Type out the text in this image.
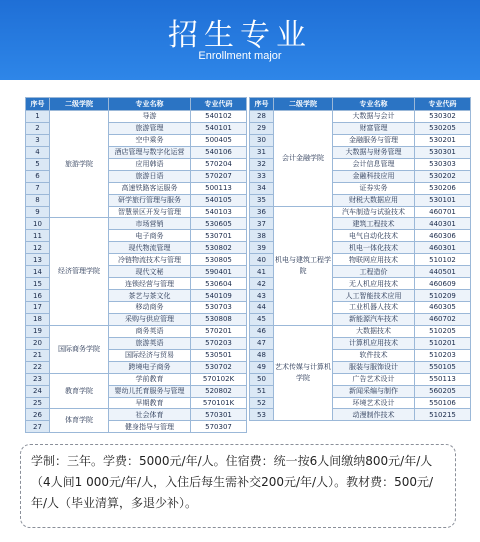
招生专业
Enrollment major
序号	二级学院	专业名称	专业代码
1	旅游学院	导游	540102
2		旅游管理	540101
3		空中乘务	500405
4		酒店管理与数字化运营	540106
5		应用韩语	570204
6		旅游日语	570207
7		高速铁路客运服务	500113
8		研学旅行管理与服务	540105
9		智慧景区开发与管理	540103
10	经济管理学院	市场营销	530605
11		电子商务	530701
12		现代物流管理	530802
13		冷链物流技术与管理	530805
14		现代文秘	590401
15		连锁经营与管理	530604
16		茶艺与茶文化	540109
17		移动商务	530703
18		采购与供应管理	530808
19	国际商务学院	商务英语	570201
20		旅游英语	570203
21		国际经济与贸易	530501
22		跨境电子商务	530702
23	教育学院	学前教育	570102K
24		婴幼儿托育服务与管理	520802
25		早期教育	570101K
26	体育学院	社会体育	570301
27		健身指导与管理	570307
序号	二级学院	专业名称	专业代码
28	会计金融学院	大数据与会计	530302
29		财富管理	530205
30		金融服务与管理	530201
31		大数据与财务管理	530301
32		会计信息管理	530303
33		金融科技应用	530202
34		证券实务	530206
35		财税大数据应用	530101
36	机电与建筑工程学院	汽车制造与试验技术	460701
37		建筑工程技术	440301
38		电气自动化技术	460306
39		机电一体化技术	460301
40		物联网应用技术	510102
41		工程造价	440501
42		无人机应用技术	460609
43		人工智能技术应用	510209
44		工业机器人技术	460305
45		新能源汽车技术	460702
46	艺术传媒与计算机学院	大数据技术	510205
47		计算机应用技术	510201
48		软件技术	510203
49		服装与服饰设计	550105
50		广告艺术设计	550113
51		新闻采编与制作	560205
52		环境艺术设计	550106
53		动漫制作技术	510215
学制：三年。学费：5000元/年/人。住宿费：统一按6人间缴纳800元/年/人（4人间1 000元/年/人，入住后每生需补交200元/年/人）。教材费：500元/年/人（毕业清算，多退少补）。
